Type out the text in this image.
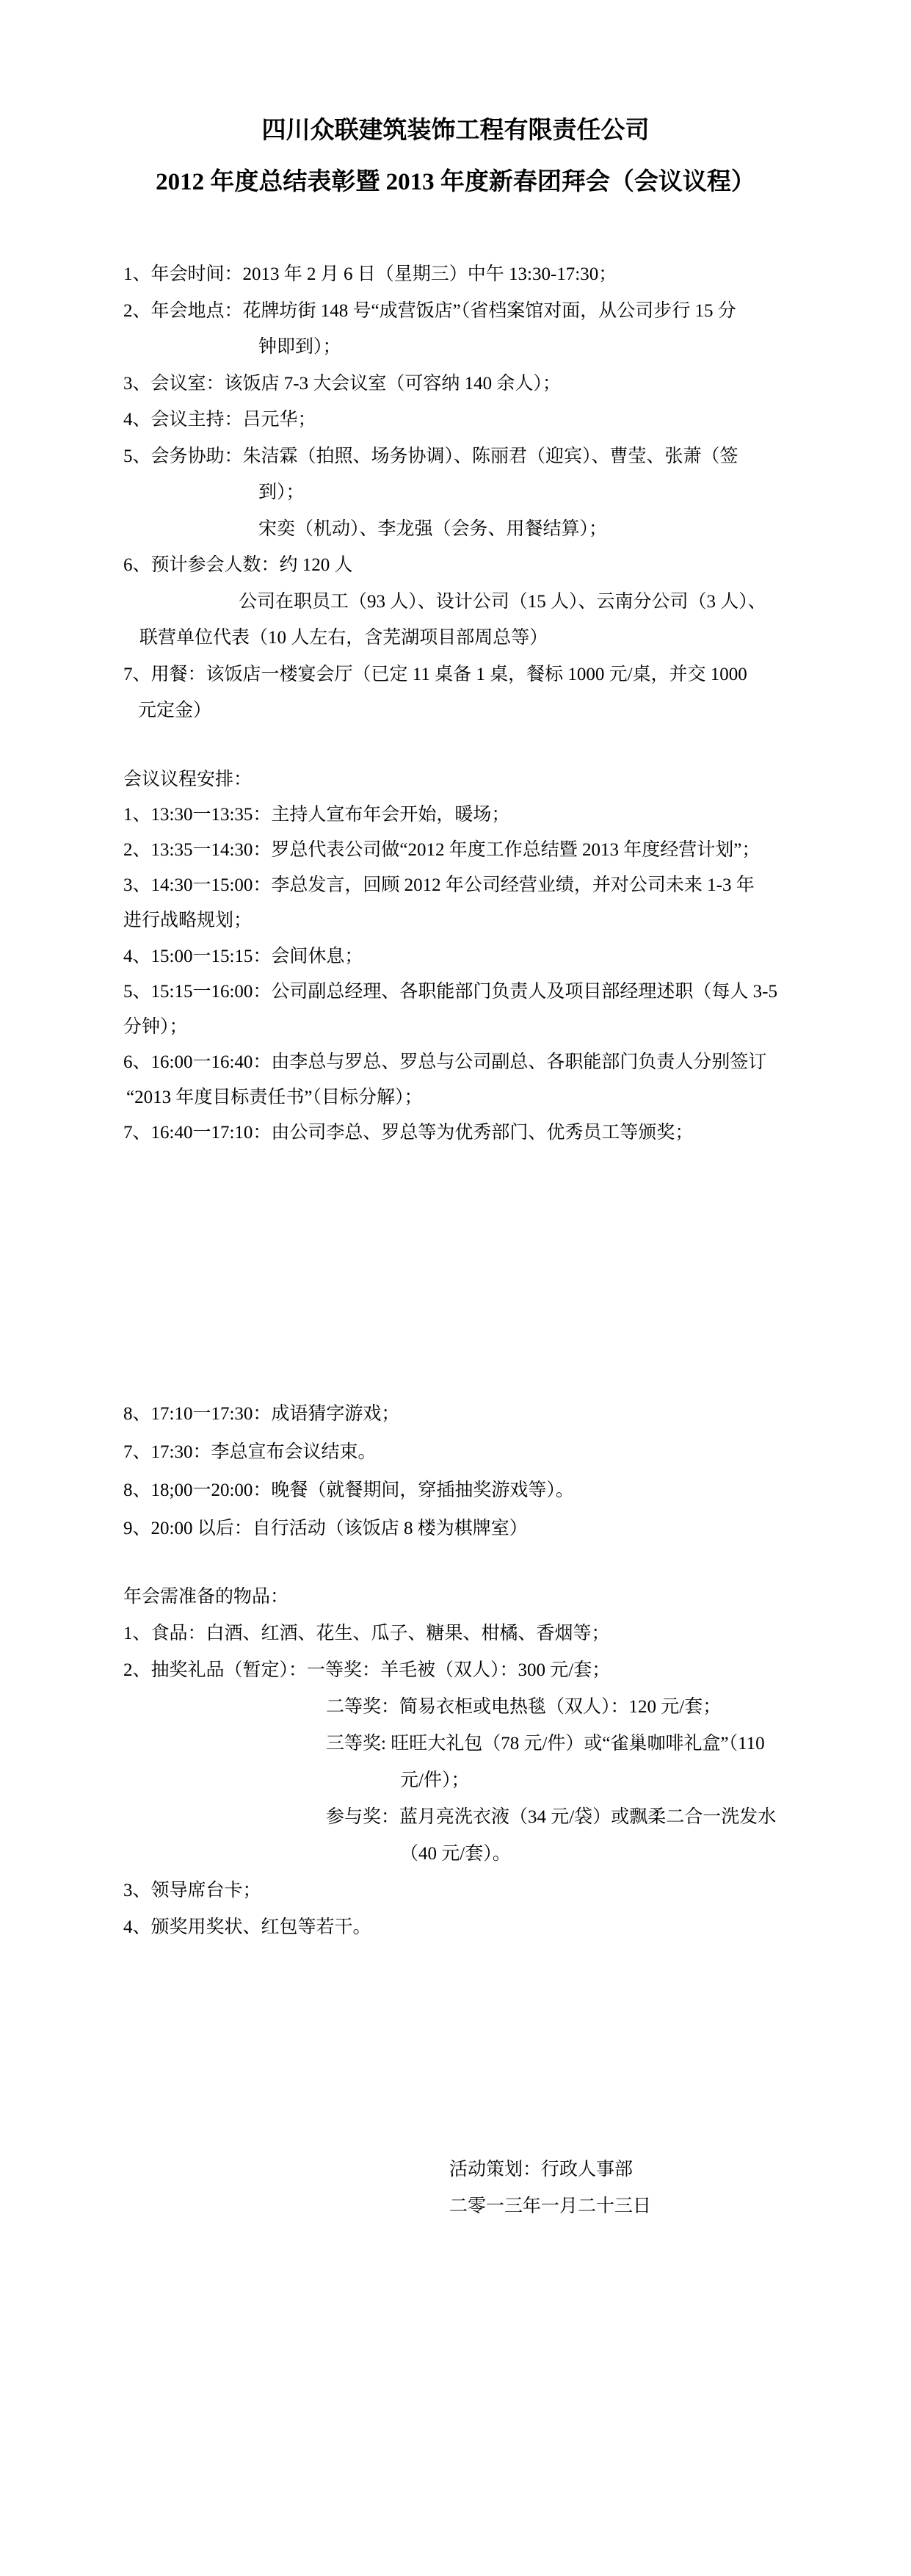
四川众联建筑装饰工程有限责任公司
2012 年度总结表彰暨 2013 年度新春团拜会（会议议程）
1、年会时间：2013 年 2 月 6 日（星期三）中午 13:30-17:30；
2、年会地点：花牌坊街 148 号“成营饭店”（省档案馆对面，从公司步行 15 分
钟即到）；
3、会议室：该饭店 7-3 大会议室（可容纳 140 余人）；
4、会议主持：吕元华；
5、会务协助：朱洁霖（拍照、场务协调）、陈丽君（迎宾）、曹莹、张萧（签
到）；
宋奕（机动）、李龙强（会务、用餐结算）；
6、预计参会人数：约 120 人
公司在职员工（93 人）、设计公司（15 人）、云南分公司（3 人）、
联营单位代表（10 人左右，含芜湖项目部周总等）
7、用餐：该饭店一楼宴会厅（已定 11 桌备 1 桌，餐标 1000 元/桌，并交 1000
元定金）
会议议程安排：
1、13:30一13:35：主持人宣布年会开始，暖场；
2、13:35一14:30：罗总代表公司做“2012 年度工作总结暨 2013 年度经营计划”；
3、14:30一15:00：李总发言，回顾 2012 年公司经营业绩，并对公司未来 1-3 年
进行战略规划；
4、15:00一15:15：会间休息；
5、15:15一16:00：公司副总经理、各职能部门负责人及项目部经理述职（每人 3-5
分钟）；
6、16:00一16:40：由李总与罗总、罗总与公司副总、各职能部门负责人分别签订
“2013 年度目标责任书”（目标分解）；
7、16:40一17:10：由公司李总、罗总等为优秀部门、优秀员工等颁奖；
8、17:10一17:30：成语猜字游戏；
7、17:30：李总宣布会议结束。
8、18;00一20:00：晚餐（就餐期间，穿插抽奖游戏等）。
9、20:00 以后：自行活动（该饭店 8 楼为棋牌室）
年会需准备的物品：
1、食品：白酒、红酒、花生、瓜子、糖果、柑橘、香烟等；
2、抽奖礼品（暂定）：一等奖：羊毛被（双人）：300 元/套；
二等奖：简易衣柜或电热毯（双人）：120 元/套；
三等奖: 旺旺大礼包（78 元/件）或“雀巢咖啡礼盒”（110
元/件）；
参与奖：蓝月亮洗衣液（34 元/袋）或飘柔二合一洗发水
（40 元/套）。
3、领导席台卡；
4、颁奖用奖状、红包等若干。
活动策划：行政人事部
二零一三年一月二十三日
